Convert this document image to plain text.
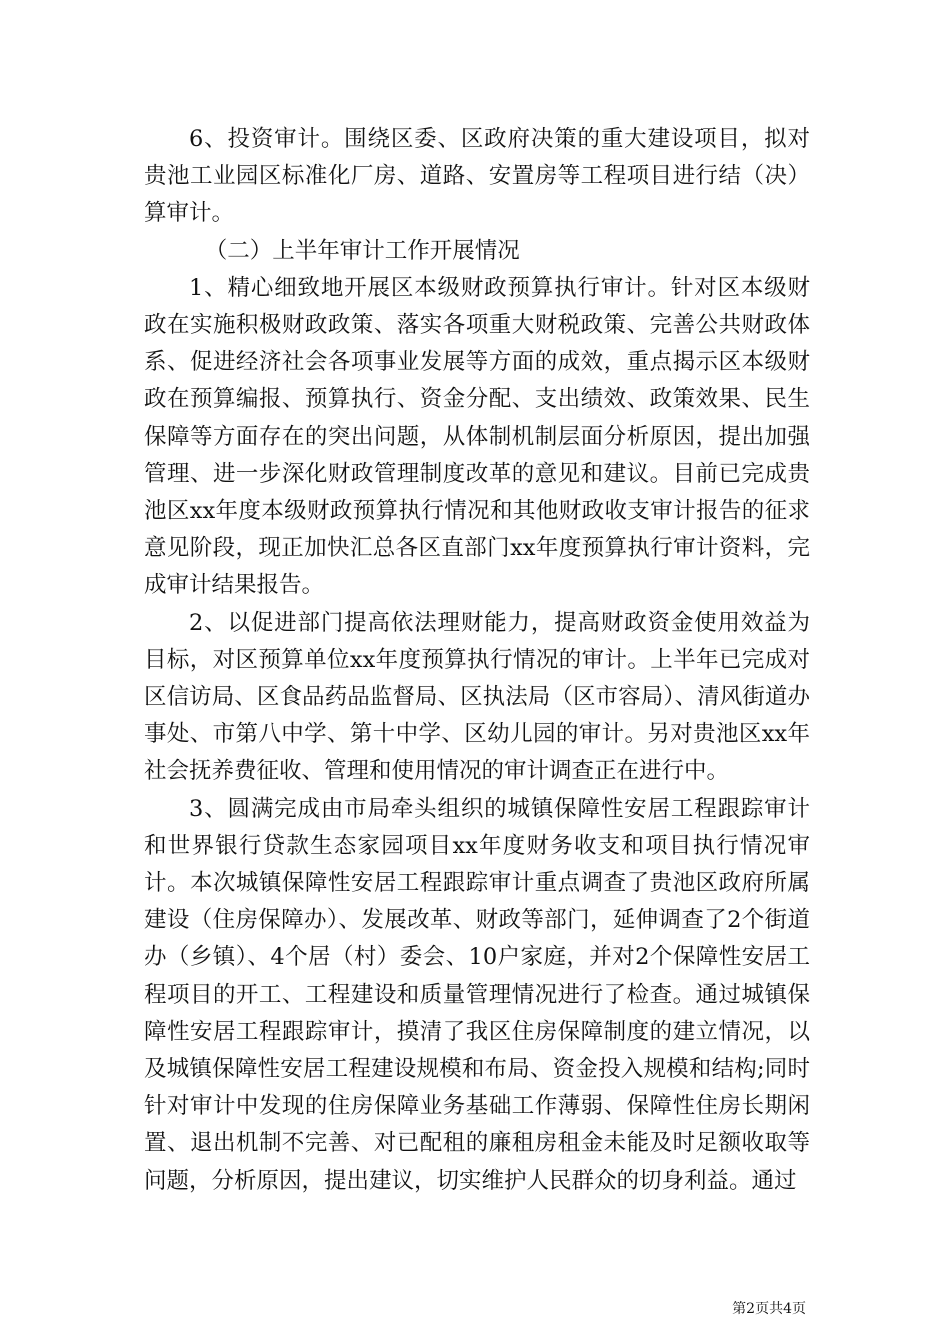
6、投资审计。围绕区委、区政府决策的重大建设项目，拟对贵池工业园区标准化厂房、道路、安置房等工程项目进行结（决）算审计。

（二）上半年审计工作开展情况

1、精心细致地开展区本级财政预算执行审计。针对区本级财政在实施积极财政政策、落实各项重大财税政策、完善公共财政体系、促进经济社会各项事业发展等方面的成效，重点揭示区本级财政在预算编报、预算执行、资金分配、支出绩效、政策效果、民生保障等方面存在的突出问题，从体制机制层面分析原因，提出加强管理、进一步深化财政管理制度改革的意见和建议。目前已完成贵池区xx年度本级财政预算执行情况和其他财政收支审计报告的征求意见阶段，现正加快汇总各区直部门xx年度预算执行审计资料，完成审计结果报告。

2、以促进部门提高依法理财能力，提高财政资金使用效益为目标，对区预算单位xx年度预算执行情况的审计。上半年已完成对区信访局、区食品药品监督局、区执法局（区市容局）、清风街道办事处、市第八中学、第十中学、区幼儿园的审计。另对贵池区xx年社会抚养费征收、管理和使用情况的审计调查正在进行中。

3、圆满完成由市局牵头组织的城镇保障性安居工程跟踪审计和世界银行贷款生态家园项目xx年度财务收支和项目执行情况审计。本次城镇保障性安居工程跟踪审计重点调查了贵池区政府所属建设（住房保障办）、发展改革、财政等部门，延伸调查了2个街道办（乡镇）、4个居（村）委会、10户家庭，并对2个保障性安居工程项目的开工、工程建设和质量管理情况进行了检查。通过城镇保障性安居工程跟踪审计，摸清了我区住房保障制度的建立情况，以及城镇保障性安居工程建设规模和布局、资金投入规模和结构;同时针对审计中发现的住房保障业务基础工作薄弱、保障性住房长期闲置、退出机制不完善、对已配租的廉租房租金未能及时足额收取等问题，分析原因，提出建议，切实维护人民群众的切身利益。通过

第2页共4页
